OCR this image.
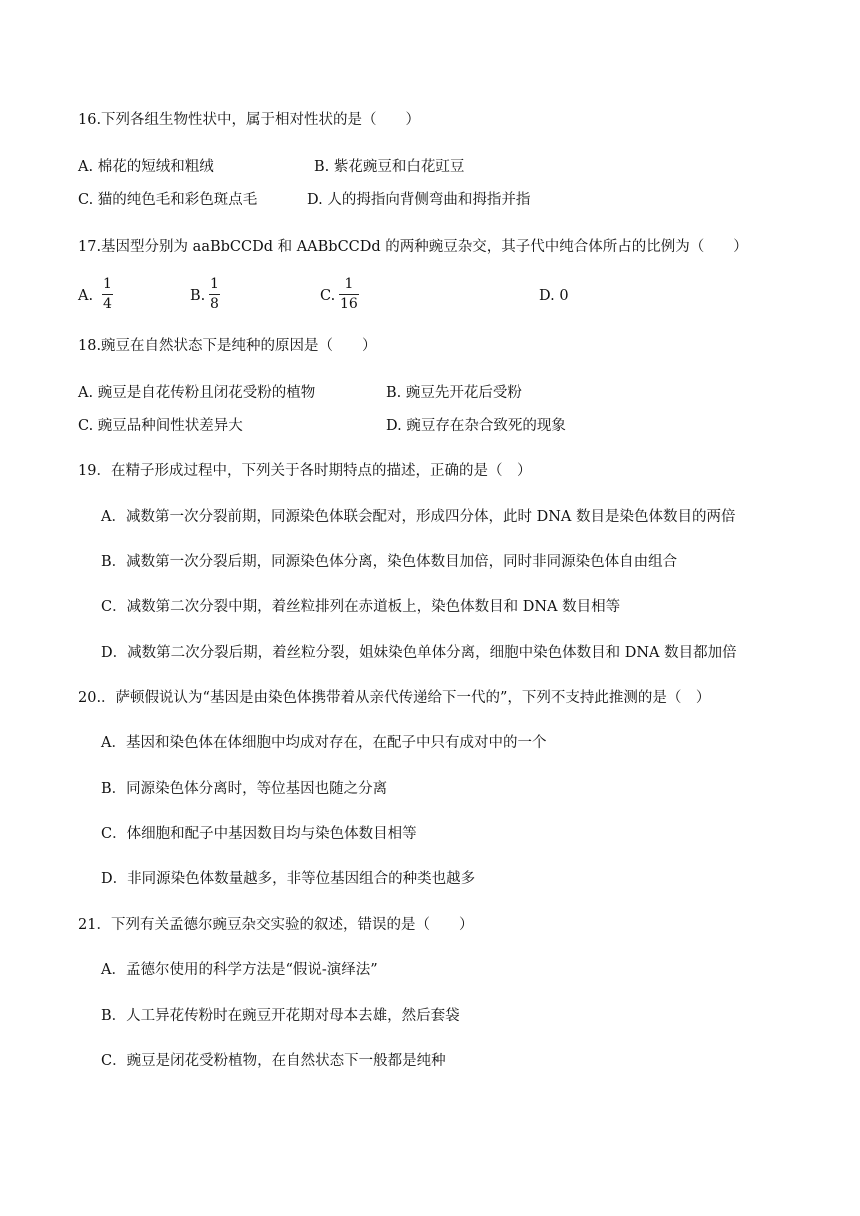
16.下列各组生物性状中，属于相对性状的是（　　）
A. 棉花的短绒和粗绒	B. 紫花豌豆和白花豇豆
C. 猫的纯色毛和彩色斑点毛	D. 人的拇指向背侧弯曲和拇指并指
17.基因型分别为 aaBbCCDd 和 AABbCCDd 的两种豌豆杂交，其子代中纯合体所占的比例为（　　）
A.
1
4	B.
1
8	C.
1
16	D. 0
18.豌豆在自然状态下是纯种的原因是（　　）
A. 豌豆是自花传粉且闭花受粉的植物	B. 豌豆先开花后受粉
C. 豌豆品种间性状差异大	D. 豌豆存在杂合致死的现象
19．在精子形成过程中，下列关于各时期特点的描述，正确的是（　）
A．减数第一次分裂前期，同源染色体联会配对，形成四分体，此时 DNA 数目是染色体数目的两倍
B．减数第一次分裂后期，同源染色体分离，染色体数目加倍，同时非同源染色体自由组合
C．减数第二次分裂中期，着丝粒排列在赤道板上，染色体数目和 DNA 数目相等
D．减数第二次分裂后期，着丝粒分裂，姐妹染色单体分离，细胞中染色体数目和 DNA 数目都加倍
20.．萨顿假说认为“基因是由染色体携带着从亲代传递给下一代的”，下列不支持此推测的是（　）
A．基因和染色体在体细胞中均成对存在，在配子中只有成对中的一个
B．同源染色体分离时，等位基因也随之分离
C．体细胞和配子中基因数目均与染色体数目相等
D．非同源染色体数量越多，非等位基因组合的种类也越多
21．下列有关孟德尔豌豆杂交实验的叙述，错误的是（　　）
A．孟德尔使用的科学方法是“假说-演绎法”
B．人工异花传粉时在豌豆开花期对母本去雄，然后套袋
C．豌豆是闭花受粉植物，在自然状态下一般都是纯种
